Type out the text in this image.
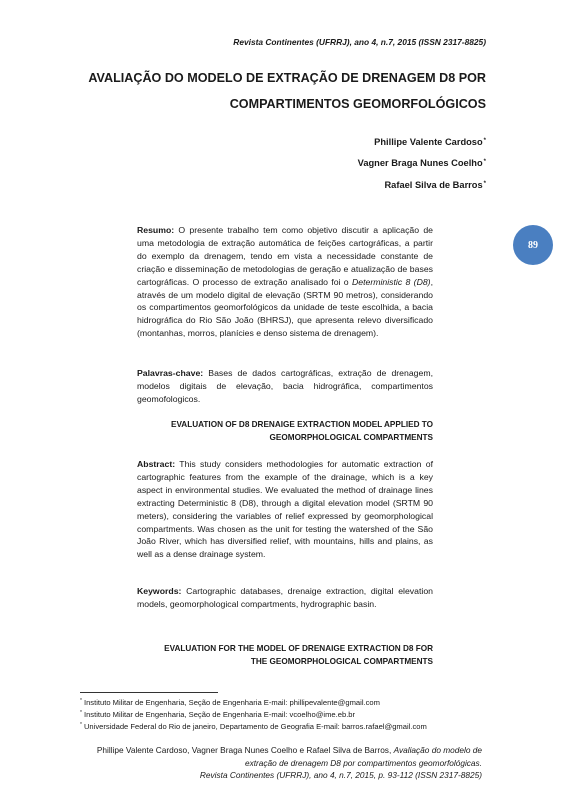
Revista Continentes (UFRRJ), ano 4, n.7, 2015 (ISSN 2317-8825)
AVALIAÇÃO DO MODELO DE EXTRAÇÃO DE DRENAGEM D8 POR
COMPARTIMENTOS GEOMORFOLÓGICOS
Phillipe Valente Cardoso*
Vagner Braga Nunes Coelho*
Rafael Silva de Barros*
89
Resumo: O presente trabalho tem como objetivo discutir a aplicação de uma metodologia de extração automática de feições cartográficas, a partir do exemplo da drenagem, tendo em vista a necessidade constante de criação e disseminação de metodologias de geração e atualização de bases cartográficas. O processo de extração analisado foi o Deterministic 8 (D8), através de um modelo digital de elevação (SRTM 90 metros), considerando os compartimentos geomorfológicos da unidade de teste escolhida, a bacia hidrográfica do Rio São João (BHRSJ), que apresenta relevo diversificado (montanhas, morros, planícies e denso sistema de drenagem).
Palavras-chave: Bases de dados cartográficas, extração de drenagem, modelos digitais de elevação, bacia hidrográfica, compartimentos geomofologicos.
EVALUATION OF D8 DRENAIGE EXTRACTION MODEL APPLIED TO
GEOMORPHOLOGICAL COMPARTMENTS
Abstract: This study considers methodologies for automatic extraction of cartographic features from the example of the drainage, which is a key aspect in environmental studies. We evaluated the method of drainage lines extracting Deterministic 8 (D8), through a digital elevation model (SRTM 90 meters), considering the variables of relief expressed by geomorphological compartments. Was chosen as the unit for testing the watershed of the São João River, which has diversified relief, with mountains, hills and plains, as well as a dense drainage system.
Keywords: Cartographic databases, drenaige extraction, digital elevation models, geomorphological compartments, hydrographic basin.
EVALUATION FOR THE MODEL OF DRENAIGE EXTRACTION D8 FOR
THE GEOMORPHOLOGICAL COMPARTMENTS
* Instituto Militar de Engenharia, Seção de Engenharia E-mail: phillipevalente@gmail.com
* Instituto Militar de Engenharia, Seção de Engenharia E-mail: vcoelho@ime.eb.br
* Universidade Federal do Rio de janeiro, Departamento de Geografia E-mail: barros.rafael@gmail.com
Phillipe Valente Cardoso, Vagner Braga Nunes Coelho e Rafael Silva de Barros, Avaliação do modelo de extração de drenagem D8 por compartimentos geomorfológicas.
Revista Continentes (UFRRJ), ano 4, n.7, 2015, p. 93-112 (ISSN 2317-8825)
